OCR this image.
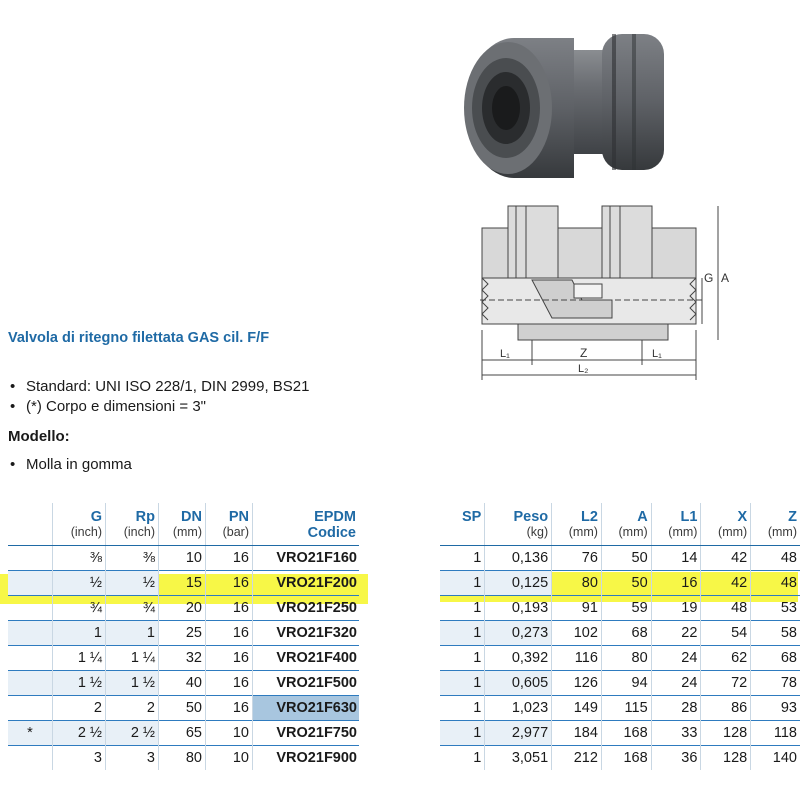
G A
Z
L₁	L₁
L₂
Valvola di ritegno filettata GAS cil. F/F
• Standard: UNI ISO 228/1, DIN 2999, BS21
• (*) Corpo e dimensioni = 3"
Modello:
• Molla in gomma
	G	Rp	DN	PN	EPDM
	(inch)	(inch)	(mm)	(bar)	Codice
	⅜	⅜	10	16	VRO21F160
	½	½	15	16	VRO21F200
	¾	¾	20	16	VRO21F250
	1	1	25	16	VRO21F320
	1 ¼	1 ¼	32	16	VRO21F400
	1 ½	1 ½	40	16	VRO21F500
	2	2	50	16	VRO21F630
*	2 ½	2 ½	65	10	VRO21F750
	3	3	80	10	VRO21F900
SP	Peso	L2	A	L1	X	Z
	(kg)	(mm)	(mm)	(mm)	(mm)	(mm)
1	0,136	76	50	14	42	48
1	0,125	80	50	16	42	48
1	0,193	91	59	19	48	53
1	0,273	102	68	22	54	58
1	0,392	116	80	24	62	68
1	0,605	126	94	24	72	78
1	1,023	149	115	28	86	93
1	2,977	184	168	33	128	118
1	3,051	212	168	36	128	140
